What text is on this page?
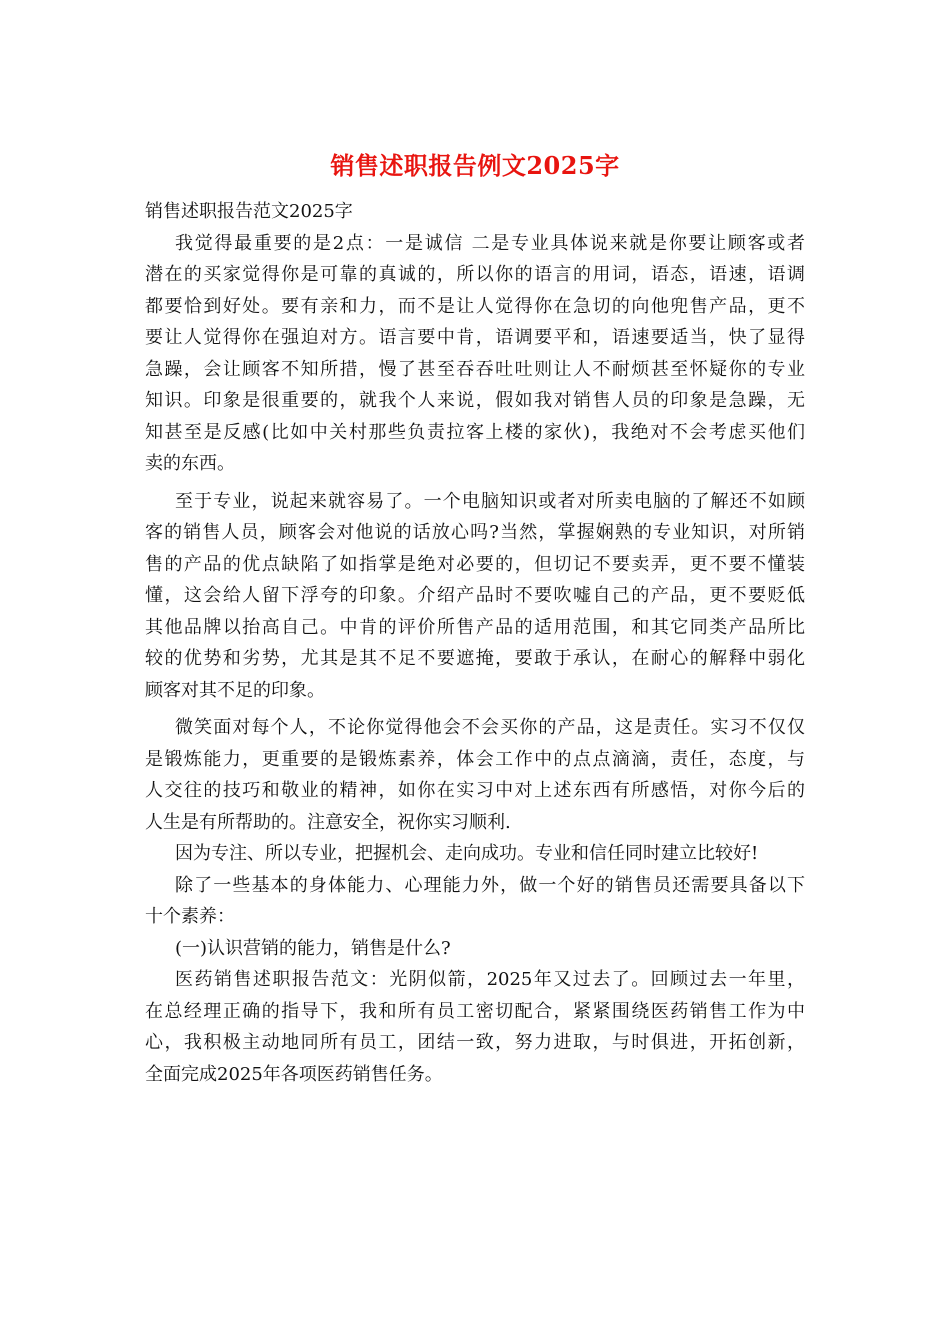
销售述职报告例文2025字
销售述职报告范文2025字
我觉得最重要的是2点：一是诚信 二是专业具体说来就是你要让顾客或者
潜在的买家觉得你是可靠的真诚的，所以你的语言的用词，语态，语速，语调
都要恰到好处。要有亲和力，而不是让人觉得你在急切的向他兜售产品，更不
要让人觉得你在强迫对方。语言要中肯，语调要平和，语速要适当，快了显得
急躁，会让顾客不知所措，慢了甚至吞吞吐吐则让人不耐烦甚至怀疑你的专业
知识。印象是很重要的，就我个人来说，假如我对销售人员的印象是急躁，无
知甚至是反感(比如中关村那些负责拉客上楼的家伙)，我绝对不会考虑买他们
卖的东西。
至于专业，说起来就容易了。一个电脑知识或者对所卖电脑的了解还不如顾
客的销售人员，顾客会对他说的话放心吗?当然，掌握娴熟的专业知识，对所销
售的产品的优点缺陷了如指掌是绝对必要的，但切记不要卖弄，更不要不懂装
懂，这会给人留下浮夸的印象。介绍产品时不要吹嘘自己的产品，更不要贬低
其他品牌以抬高自己。中肯的评价所售产品的适用范围，和其它同类产品所比
较的优势和劣势，尤其是其不足不要遮掩，要敢于承认，在耐心的解释中弱化
顾客对其不足的印象。
微笑面对每个人，不论你觉得他会不会买你的产品，这是责任。实习不仅仅
是锻炼能力，更重要的是锻炼素养，体会工作中的点点滴滴，责任，态度，与
人交往的技巧和敬业的精神，如你在实习中对上述东西有所感悟，对你今后的
人生是有所帮助的。注意安全，祝你实习顺利.
因为专注、所以专业，把握机会、走向成功。专业和信任同时建立比较好!
除了一些基本的身体能力、心理能力外，做一个好的销售员还需要具备以下
十个素养：
(一)认识营销的能力，销售是什么?
医药销售述职报告范文：光阴似箭，2025年又过去了。回顾过去一年里，
在总经理正确的指导下，我和所有员工密切配合，紧紧围绕医药销售工作为中
心，我积极主动地同所有员工，团结一致，努力进取，与时俱进，开拓创新，
全面完成2025年各项医药销售任务。
